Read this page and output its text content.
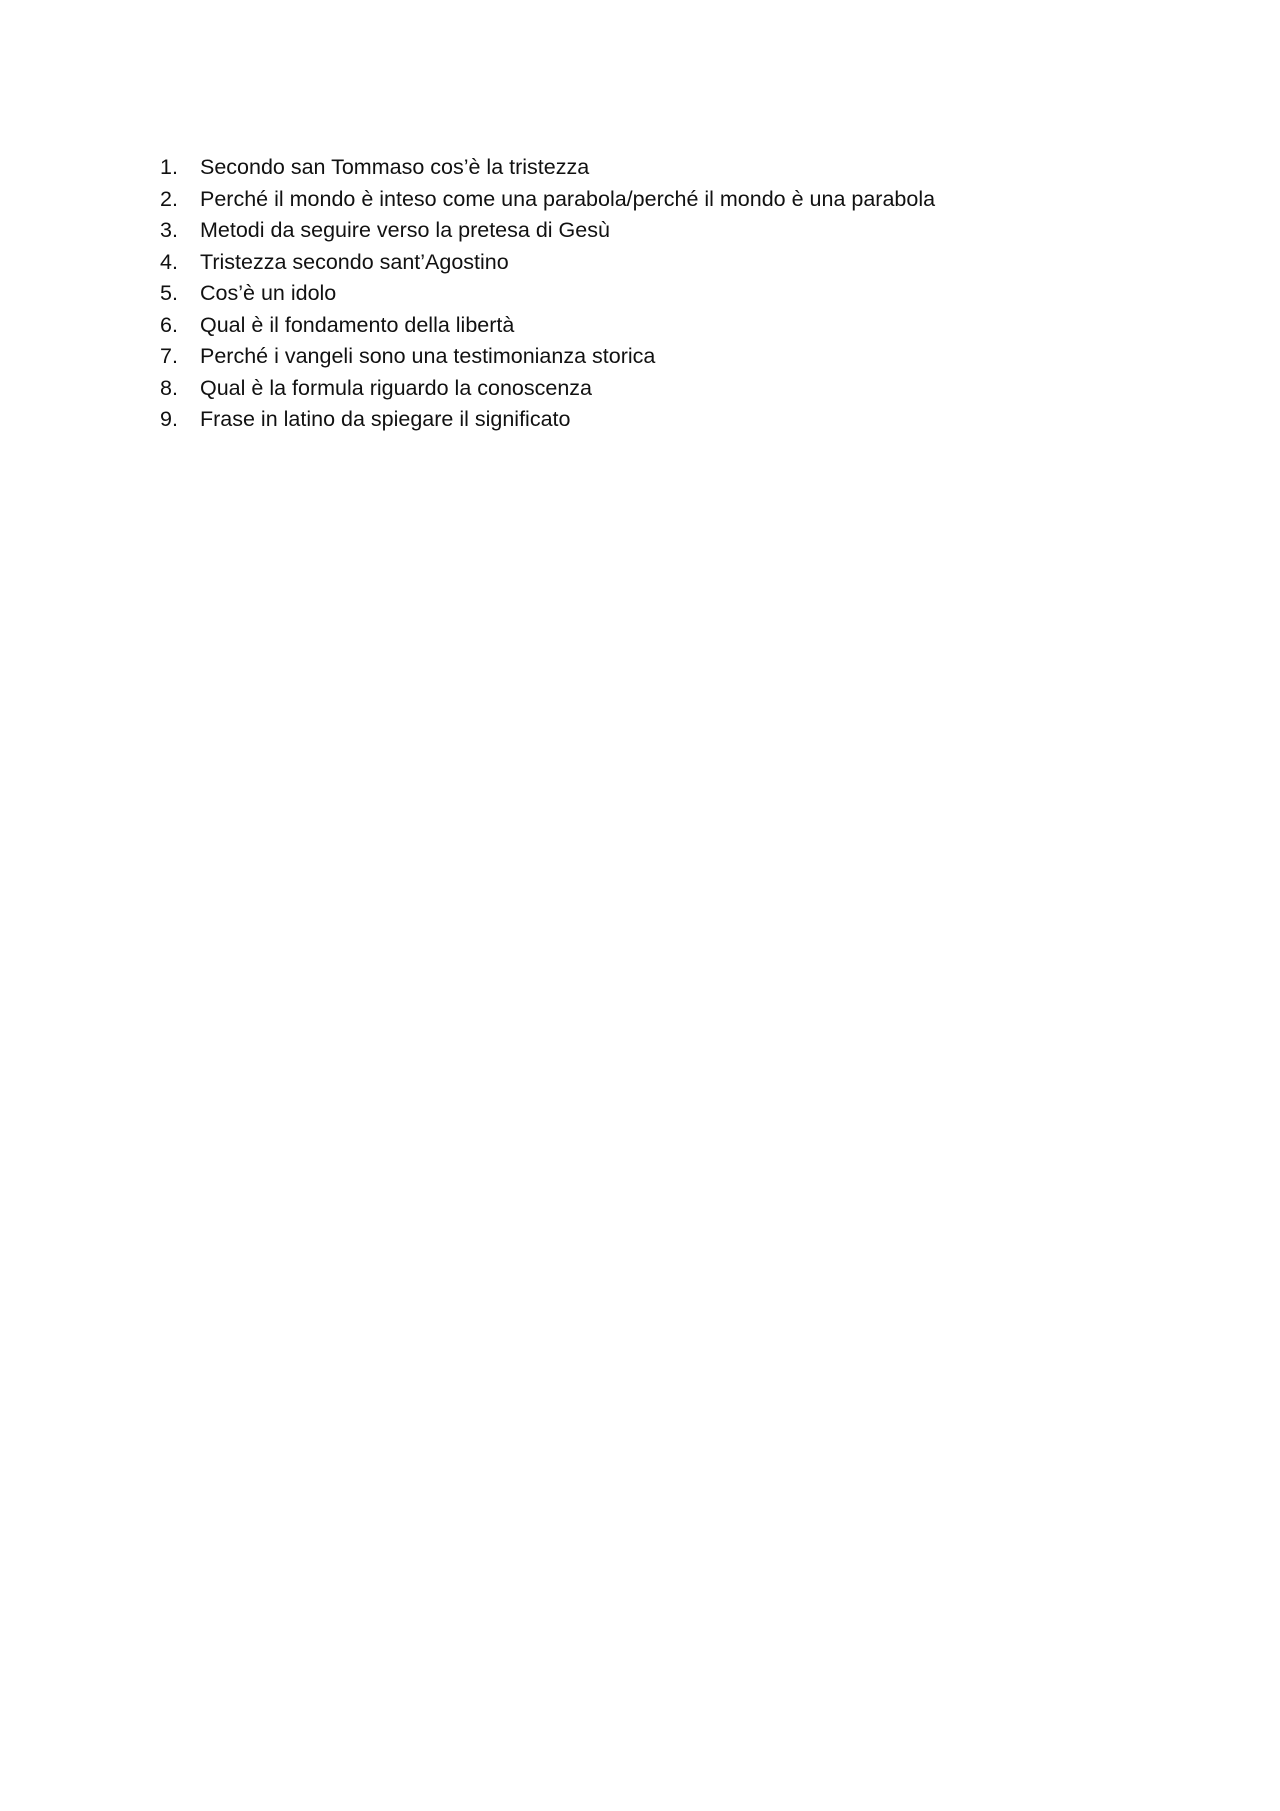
1.	Secondo san Tommaso cos’è la tristezza
2.	Perché il mondo è inteso come una parabola/perché il mondo è una parabola
3.	Metodi da seguire verso la pretesa di Gesù
4.	Tristezza secondo sant’Agostino
5.	Cos’è un idolo
6.	Qual è il fondamento della libertà
7.	Perché i vangeli sono una testimonianza storica
8.	Qual è la formula riguardo la conoscenza
9.	Frase in latino da spiegare il significato
